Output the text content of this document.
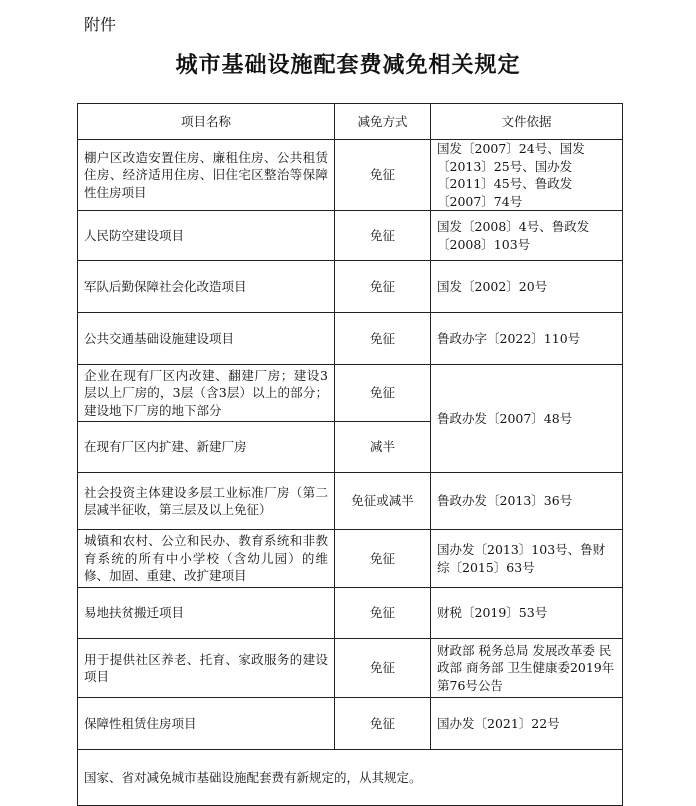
附件
城市基础设施配套费减免相关规定
项目名称	减免方式	文件依据
棚户区改造安置住房、廉租住房、公共租赁住房、经济适用住房、旧住宅区整治等保障性住房项目	免征	国发〔2007〕24号、国发〔2013〕25号、国办发〔2011〕45号、鲁政发〔2007〕74号
人民防空建设项目	免征	国发〔2008〕4号、鲁政发〔2008〕103号
军队后勤保障社会化改造项目	免征	国发〔2002〕20号
公共交通基础设施建设项目	免征	鲁政办字〔2022〕110号
企业在现有厂区内改建、翻建厂房；建设3层以上厂房的，3层（含3层）以上的部分；建设地下厂房的地下部分	免征	鲁政办发〔2007〕48号
在现有厂区内扩建、新建厂房	减半	
社会投资主体建设多层工业标准厂房（第二层减半征收，第三层及以上免征）	免征或减半	鲁政办发〔2013〕36号
城镇和农村、公立和民办、教育系统和非教育系统的所有中小学校（含幼儿园）的维修、加固、重建、改扩建项目	免征	国办发〔2013〕103号、鲁财综〔2015〕63号
易地扶贫搬迁项目	免征	财税〔2019〕53号
用于提供社区养老、托育、家政服务的建设项目	免征	财政部 税务总局 发展改革委 民政部 商务部 卫生健康委2019年第76号公告
保障性租赁住房项目	免征	国办发〔2021〕22号
国家、省对减免城市基础设施配套费有新规定的，从其规定。		
